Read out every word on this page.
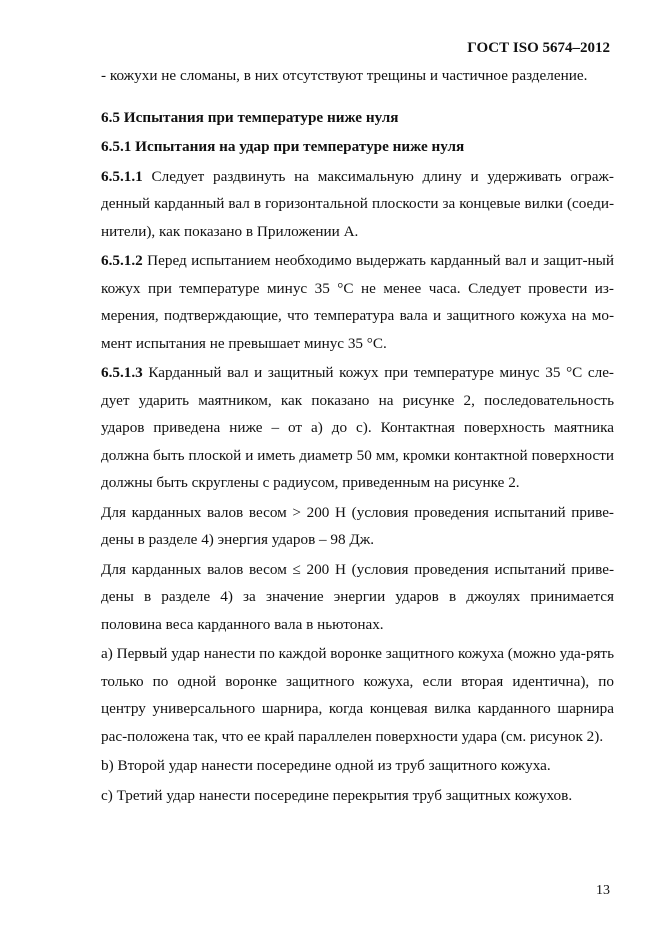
ГОСТ ISO 5674–2012

- кожухи не сломаны, в них отсутствуют трещины и частичное разделение.

6.5 Испытания при температуре ниже нуля

6.5.1 Испытания на удар при температуре ниже нуля

6.5.1.1 Следует раздвинуть на максимальную длину и удерживать ограж-денный карданный вал в горизонтальной плоскости за концевые вилки (соеди-нители), как показано в Приложении А.

6.5.1.2 Перед испытанием необходимо выдержать карданный вал и защит-ный кожух при температуре минус 35 °С не менее часа. Следует провести из-мерения, подтверждающие, что температура вала и защитного кожуха на мо-мент испытания не превышает минус 35 °С.

6.5.1.3 Карданный вал и защитный кожух при температуре минус 35 °С сле-дует ударить маятником, как показано на рисунке 2, последовательность ударов приведена ниже – от а) до с). Контактная поверхность маятника должна быть плоской и иметь диаметр 50 мм, кромки контактной поверхности должны быть скруглены с радиусом, приведенным на рисунке 2.

Для карданных валов весом > 200 Н (условия проведения испытаний приве-дены в разделе 4) энергия ударов – 98 Дж.

Для карданных валов весом ≤ 200 Н (условия проведения испытаний приве-дены в разделе 4) за значение энергии ударов в джоулях принимается половина веса карданного вала в ньютонах.

а) Первый удар нанести по каждой воронке защитного кожуха (можно уда-рять только по одной воронке защитного кожуха, если вторая идентична), по центру универсального шарнира, когда концевая вилка карданного шарнира рас-положена так, что ее край параллелен поверхности удара (см. рисунок 2).

b) Второй удар нанести посередине одной из труб защитного кожуха.

с) Третий удар нанести посередине перекрытия труб защитных кожухов.

13
